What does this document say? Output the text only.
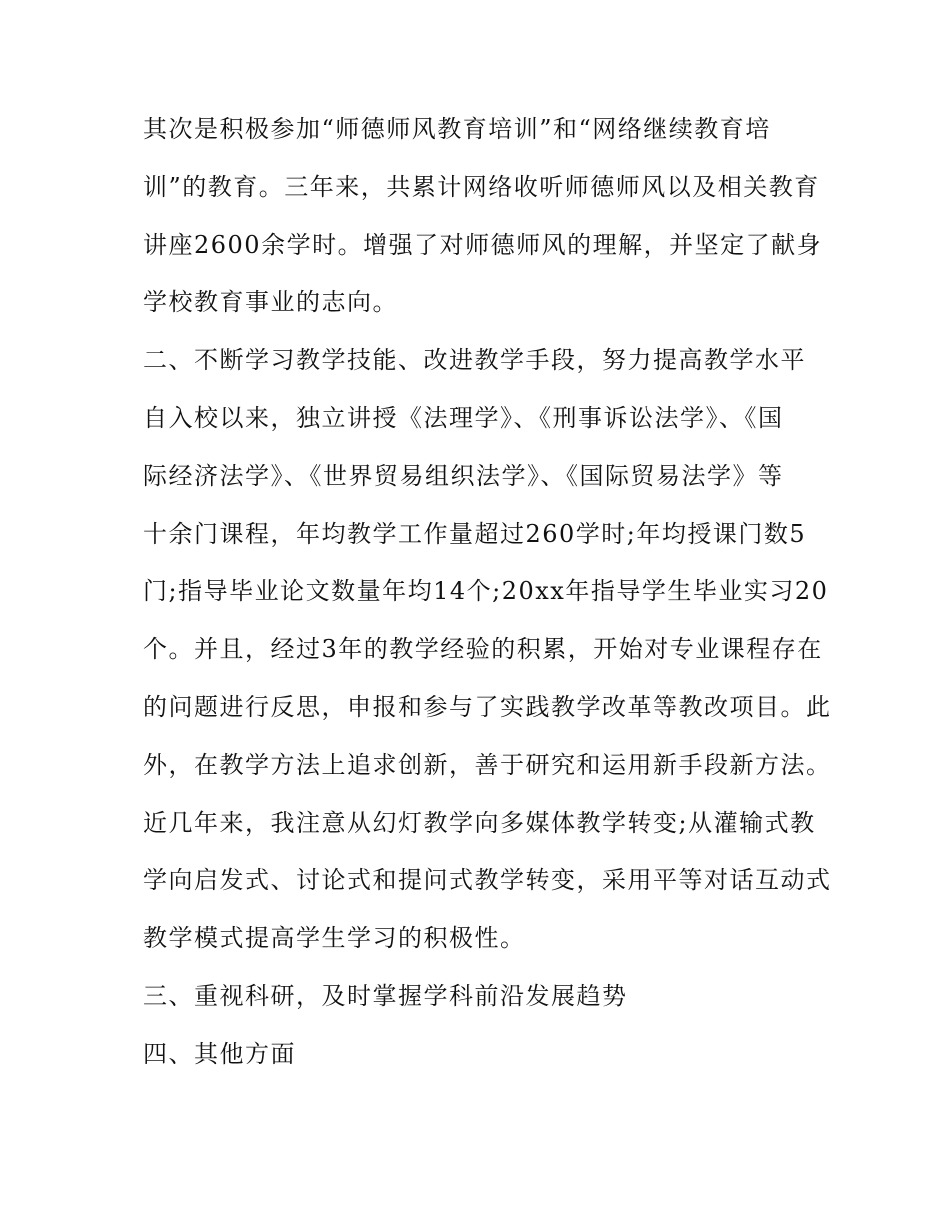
其次是积极参加“师德师风教育培训”和“网络继续教育培
训”的教育。三年来，共累计网络收听师德师风以及相关教育
讲座2600余学时。增强了对师德师风的理解，并坚定了献身
学校教育事业的志向。
二、不断学习教学技能、改进教学手段，努力提高教学水平
自入校以来，独立讲授《法理学》、《刑事诉讼法学》、《国
际经济法学》、《世界贸易组织法学》、《国际贸易法学》等
十余门课程，年均教学工作量超过260学时;年均授课门数5
门;指导毕业论文数量年均14个;20xx年指导学生毕业实习20
个。并且，经过3年的教学经验的积累，开始对专业课程存在
的问题进行反思，申报和参与了实践教学改革等教改项目。此
外，在教学方法上追求创新，善于研究和运用新手段新方法。
近几年来，我注意从幻灯教学向多媒体教学转变;从灌输式教
学向启发式、讨论式和提问式教学转变，采用平等对话互动式
教学模式提高学生学习的积极性。
三、重视科研，及时掌握学科前沿发展趋势
四、其他方面
